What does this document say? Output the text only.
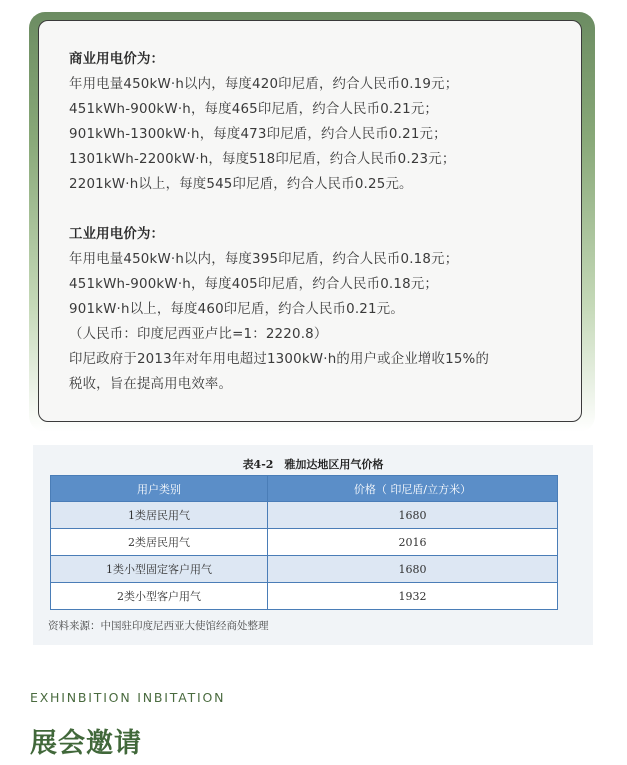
商业用电价为：
年用电量450kW·h以内，每度420印尼盾，约合人民币0.19元；
451kWh-900kW·h，每度465印尼盾，约合人民币0.21元；
901kWh-1300kW·h，每度473印尼盾，约合人民币0.21元；
1301kWh-2200kW·h，每度518印尼盾，约合人民币0.23元；
2201kW·h以上，每度545印尼盾，约合人民币0.25元。
工业用电价为：
年用电量450kW·h以内，每度395印尼盾，约合人民币0.18元；
451kWh-900kW·h，每度405印尼盾，约合人民币0.18元；
901kW·h以上，每度460印尼盾，约合人民币0.21元。
（人民币：印度尼西亚卢比=1：2220.8）
印尼政府于2013年对年用电超过1300kW·h的用户或企业增收15%的
税收，旨在提高用电效率。
表4-2　雅加达地区用气价格
用户类别	价格（ 印尼盾/立方米）
1类居民用气	1680
2类居民用气	2016
1类小型固定客户用气	1680
2类小型客户用气	1932
资料来源：中国驻印度尼西亚大使馆经商处整理
EXHINBITION INBITATION
展会邀请
